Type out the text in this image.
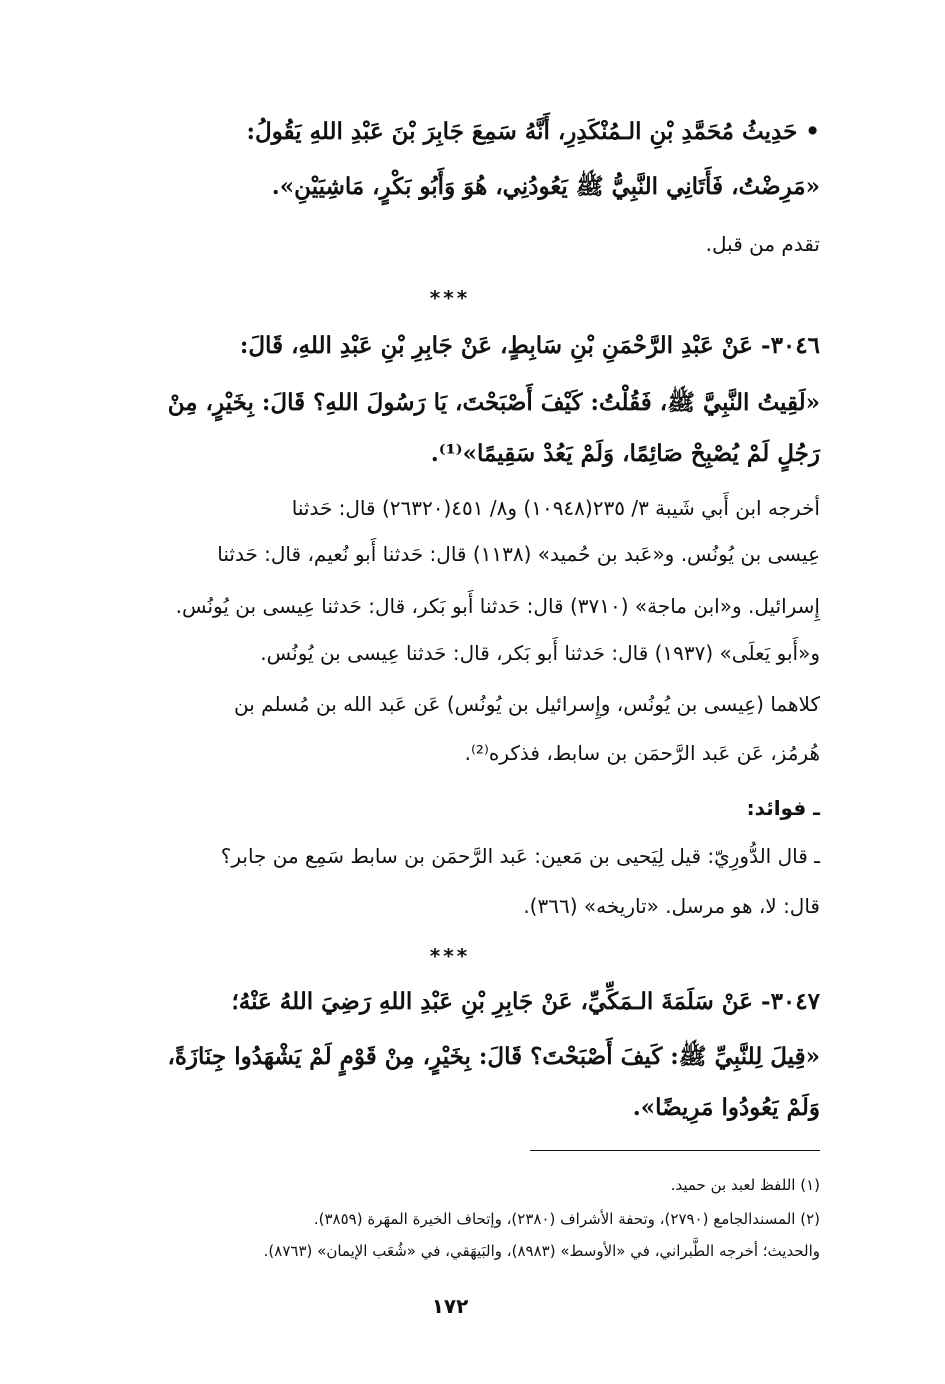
• حَدِيثُ مُحَمَّدِ بْنِ الـمُنْكَدِرِ، أَنَّهُ سَمِعَ جَابِرَ بْنَ عَبْدِ اللهِ يَقُولُ:
«مَرِضْتُ، فَأَتَانِي النَّبِيُّ ﷺ يَعُودُنِي، هُوَ وَأَبُو بَكْرٍ، مَاشِيَيْنِ».
تقدم من قبل.
***
٣٠٤٦- عَنْ عَبْدِ الرَّحْمَنِ بْنِ سَابِطٍ، عَنْ جَابِرِ بْنِ عَبْدِ اللهِ، قَالَ:
«لَقِيتُ النَّبِيَّ ﷺ، فَقُلْتُ: كَيْفَ أَصْبَحْتَ، يَا رَسُولَ اللهِ؟ قَالَ: بِخَيْرٍ، مِنْ
رَجُلٍ لَمْ يُصْبِحْ صَائِمًا، وَلَمْ يَعُدْ سَقِيمًا»⁽¹⁾.
أخرجه ابن أَبي شَيبة ٣/ ٢٣٥(١٠٩٤٨) و٨/ ٤٥١(٢٦٣٢٠) قال: حَدثنا
عِيسى بن يُونُس. و«عَبد بن حُميد» (١١٣٨) قال: حَدثنا أَبو نُعيم، قال: حَدثنا
إِسرائيل. و«ابن ماجة» (٣٧١٠) قال: حَدثنا أَبو بَكر، قال: حَدثنا عِيسى بن يُونُس.
و«أَبو يَعلَى» (١٩٣٧) قال: حَدثنا أَبو بَكر، قال: حَدثنا عِيسى بن يُونُس.
كلاهما (عِيسى بن يُونُس، وإِسرائيل بن يُونُس) عَن عَبد الله بن مُسلم بن
هُرمُز، عَن عَبد الرَّحمَن بن سابط، فذكره⁽²⁾.
ـ فوائد:
ـ قال الدُّورِيّ: قيل لِيَحيى بن مَعين: عَبد الرَّحمَن بن سابط سَمِع من جابر؟
قال: لا، هو مرسل. «تاريخه» (٣٦٦).
***
٣٠٤٧- عَنْ سَلَمَةَ الـمَكِّيِّ، عَنْ جَابِرِ بْنِ عَبْدِ اللهِ رَضِيَ اللهُ عَنْهُ؛
«قِيلَ لِلنَّبِيِّ ﷺ: كَيفَ أَصْبَحْتَ؟ قَالَ: بِخَيْرٍ، مِنْ قَوْمٍ لَمْ يَشْهَدُوا جِنَازَةً،
وَلَمْ يَعُودُوا مَرِيضًا».
(١) اللفظ لعبد بن حميد.
(٢) المسندالجامع (٢٧٩٠)، وتحفة الأشراف (٢٣٨٠)، وإتحاف الخيرة المهَرة (٣٨٥٩).
والحديث؛ أخرجه الطَّبراني، في «الأوسط» (٨٩٨٣)، والبَيهَقي، في «شُعَب الإيمان» (٨٧٦٣).
١٧٢
